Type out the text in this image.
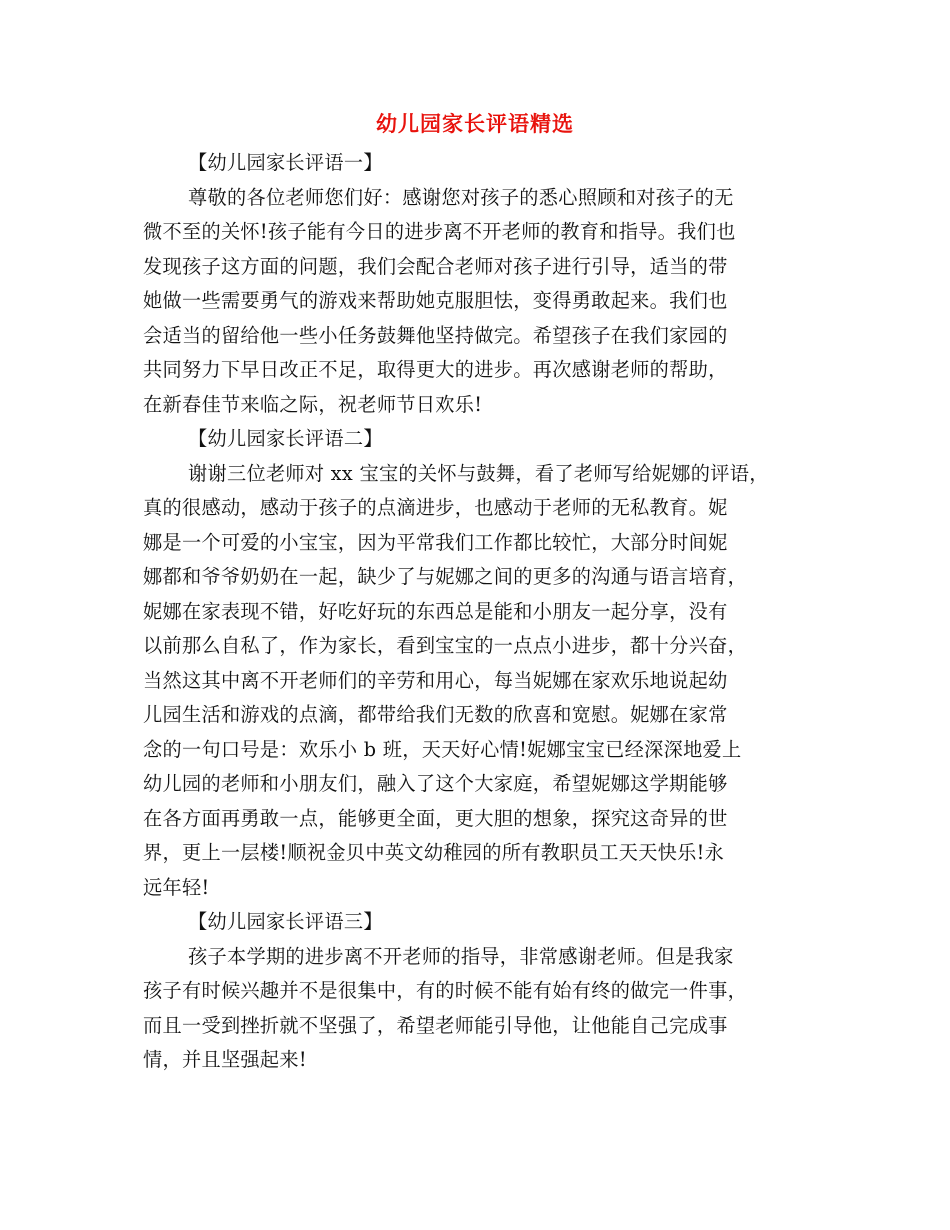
幼儿园家长评语精选
【幼儿园家长评语一】
尊敬的各位老师您们好：感谢您对孩子的悉心照顾和对孩子的无
微不至的关怀!孩子能有今日的进步离不开老师的教育和指导。我们也
发现孩子这方面的问题，我们会配合老师对孩子进行引导，适当的带
她做一些需要勇气的游戏来帮助她克服胆怯，变得勇敢起来。我们也
会适当的留给他一些小任务鼓舞他坚持做完。希望孩子在我们家园的
共同努力下早日改正不足，取得更大的进步。再次感谢老师的帮助，
在新春佳节来临之际，祝老师节日欢乐!
【幼儿园家长评语二】
谢谢三位老师对 xx 宝宝的关怀与鼓舞，看了老师写给妮娜的评语，
真的很感动，感动于孩子的点滴进步，也感动于老师的无私教育。妮
娜是一个可爱的小宝宝，因为平常我们工作都比较忙，大部分时间妮
娜都和爷爷奶奶在一起，缺少了与妮娜之间的更多的沟通与语言培育，
妮娜在家表现不错，好吃好玩的东西总是能和小朋友一起分享，没有
以前那么自私了，作为家长，看到宝宝的一点点小进步，都十分兴奋，
当然这其中离不开老师们的辛劳和用心，每当妮娜在家欢乐地说起幼
儿园生活和游戏的点滴，都带给我们无数的欣喜和宽慰。妮娜在家常
念的一句口号是：欢乐小 b 班，天天好心情!妮娜宝宝已经深深地爱上
幼儿园的老师和小朋友们，融入了这个大家庭，希望妮娜这学期能够
在各方面再勇敢一点，能够更全面，更大胆的想象，探究这奇异的世
界，更上一层楼!顺祝金贝中英文幼稚园的所有教职员工天天快乐!永
远年轻!
【幼儿园家长评语三】
孩子本学期的进步离不开老师的指导，非常感谢老师。但是我家
孩子有时候兴趣并不是很集中，有的时候不能有始有终的做完一件事，
而且一受到挫折就不坚强了，希望老师能引导他，让他能自己完成事
情，并且坚强起来!
